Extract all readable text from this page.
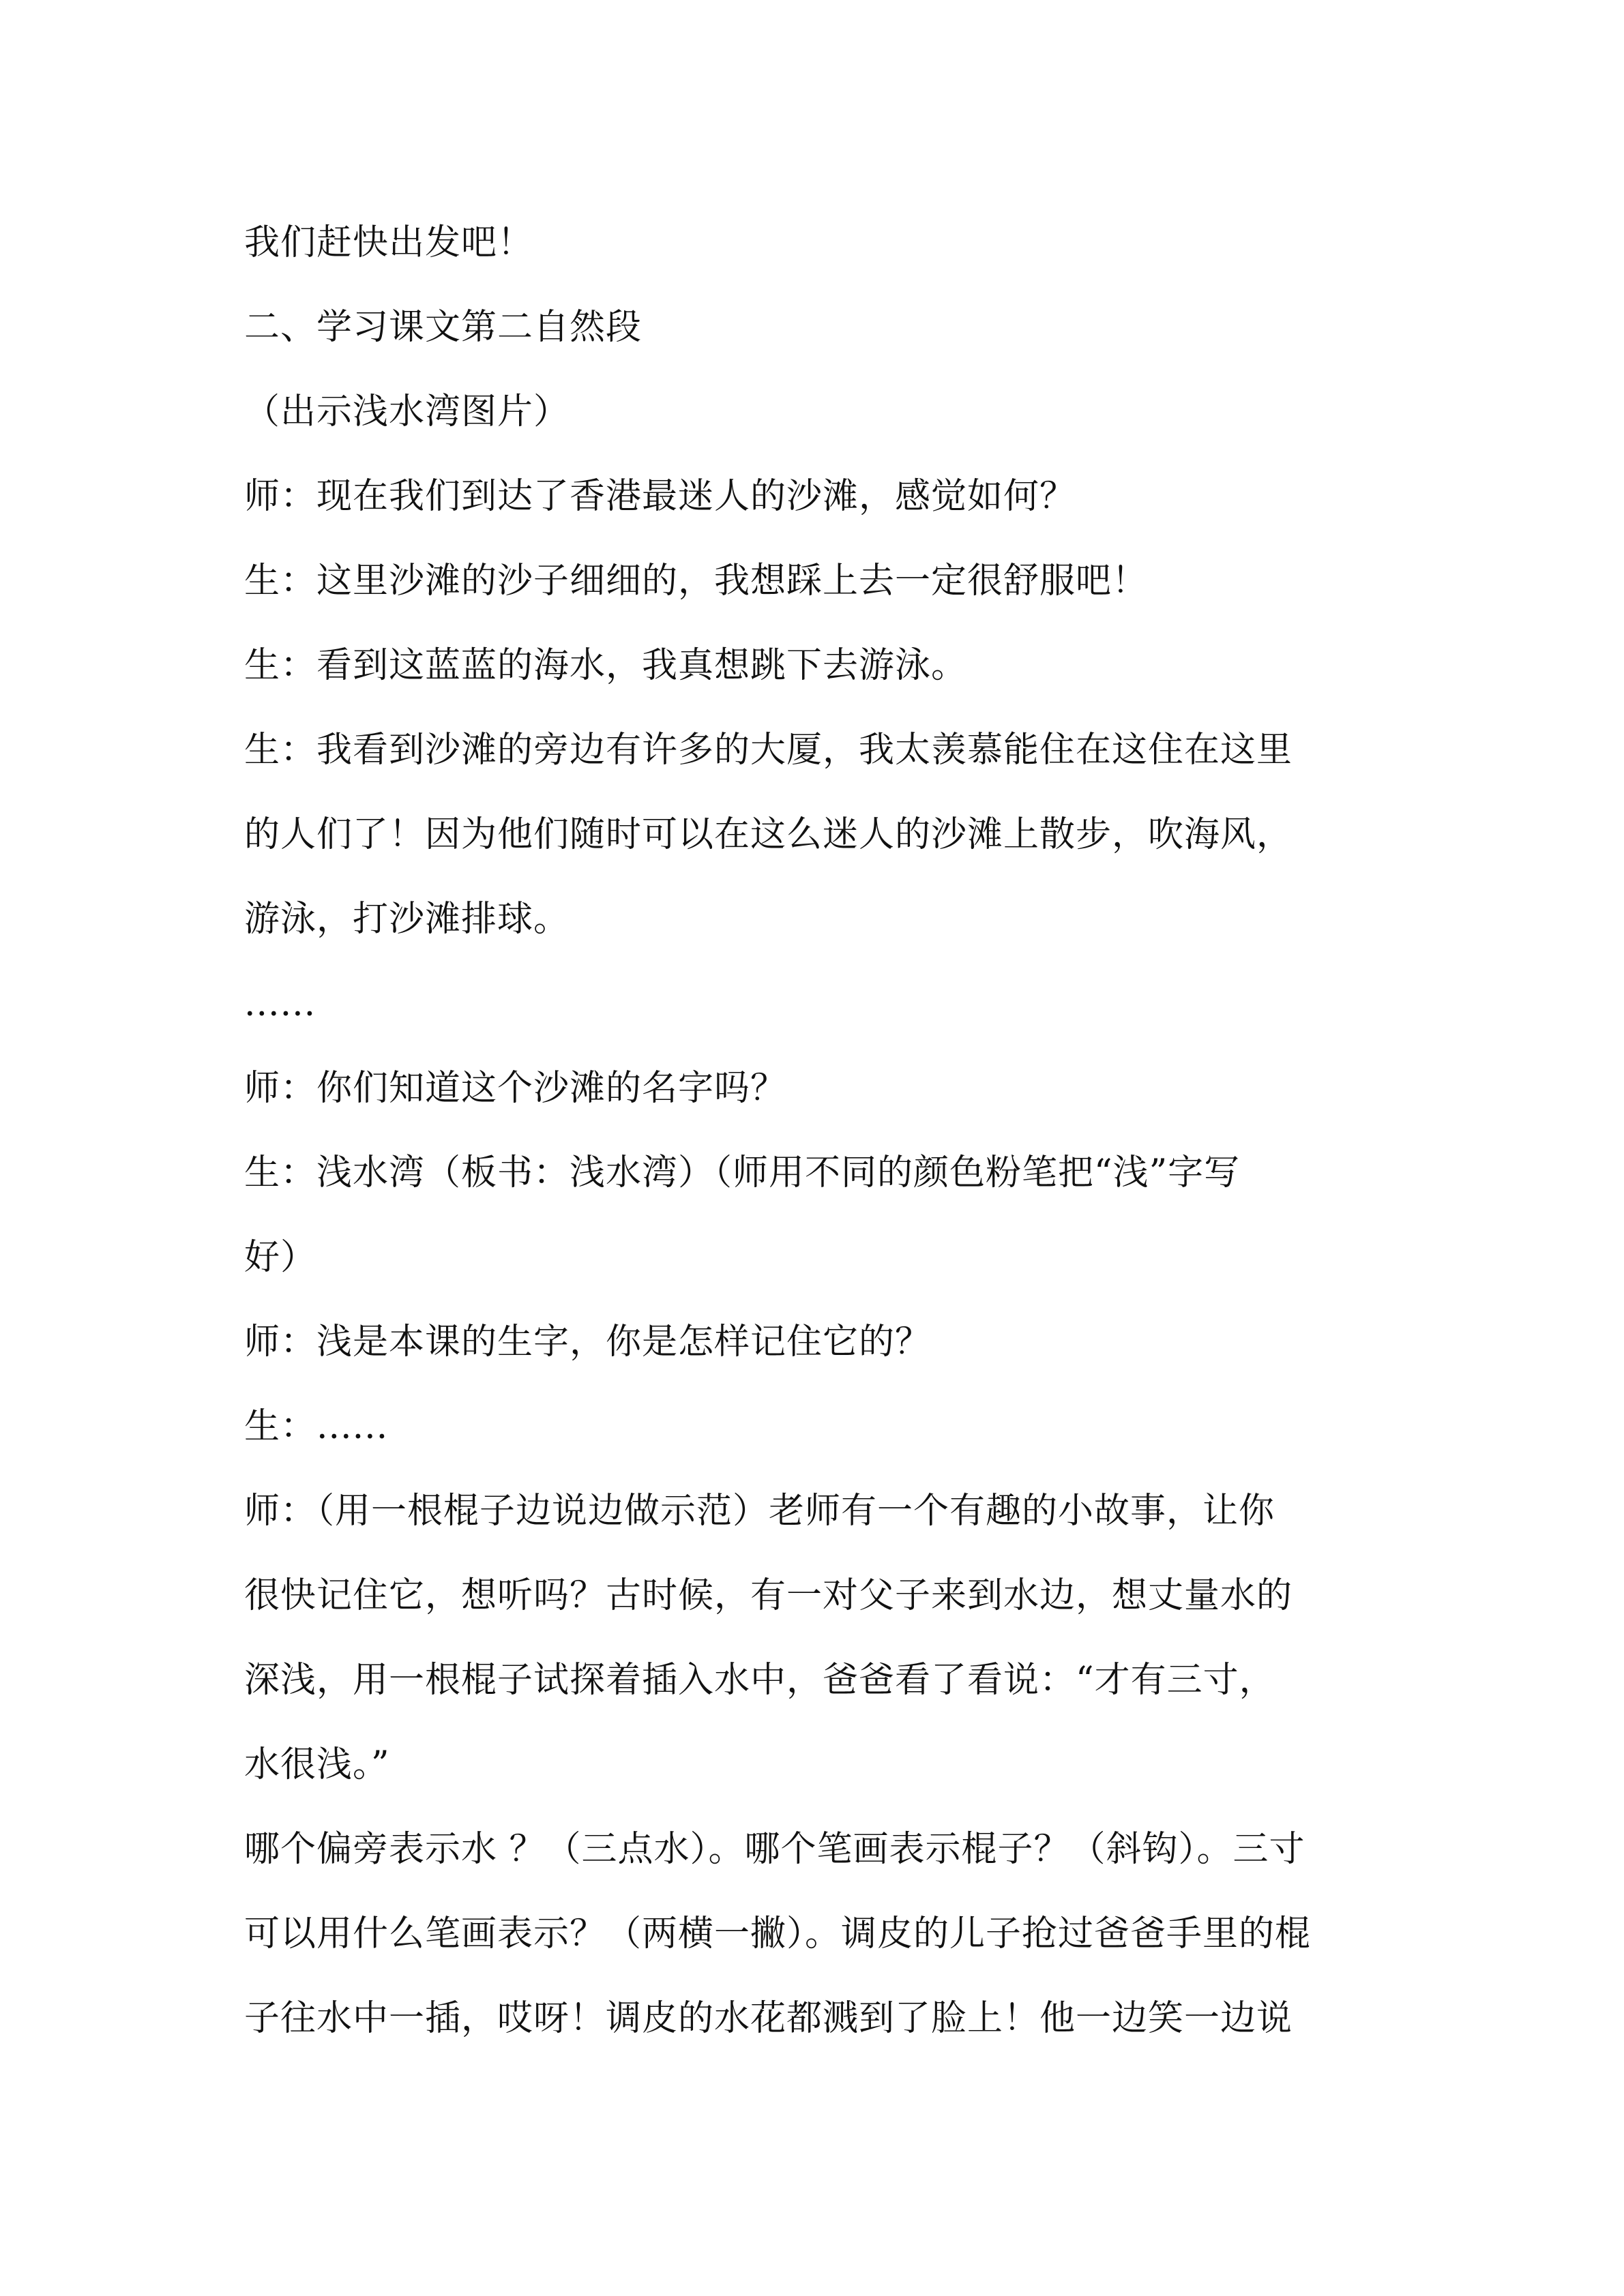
我们赶快出发吧！
二、学习课文第二自然段
（出示浅水湾图片）
师：现在我们到达了香港最迷人的沙滩，感觉如何？
生：这里沙滩的沙子细细的，我想踩上去一定很舒服吧！
生：看到这蓝蓝的海水，我真想跳下去游泳。
生：我看到沙滩的旁边有许多的大厦，我太羡慕能住在这住在这里
的人们了！因为他们随时可以在这么迷人的沙滩上散步，吹海风，
游泳，打沙滩排球。
......
师：你们知道这个沙滩的名字吗？
生：浅水湾（板书：浅水湾）（师用不同的颜色粉笔把“浅”字写
好）
师：浅是本课的生字，你是怎样记住它的？
生：......
师：（用一根棍子边说边做示范）老师有一个有趣的小故事，让你
很快记住它，想听吗？古时候，有一对父子来到水边，想丈量水的
深浅，用一根棍子试探着插入水中，爸爸看了看说：“才有三寸，
水很浅。”
哪个偏旁表示水 ？（三点水）。哪个笔画表示棍子？（斜钩）。三寸
可以用什么笔画表示？（两横一撇）。调皮的儿子抢过爸爸手里的棍
子往水中一插，哎呀！调皮的水花都溅到了脸上！他一边笑一边说
